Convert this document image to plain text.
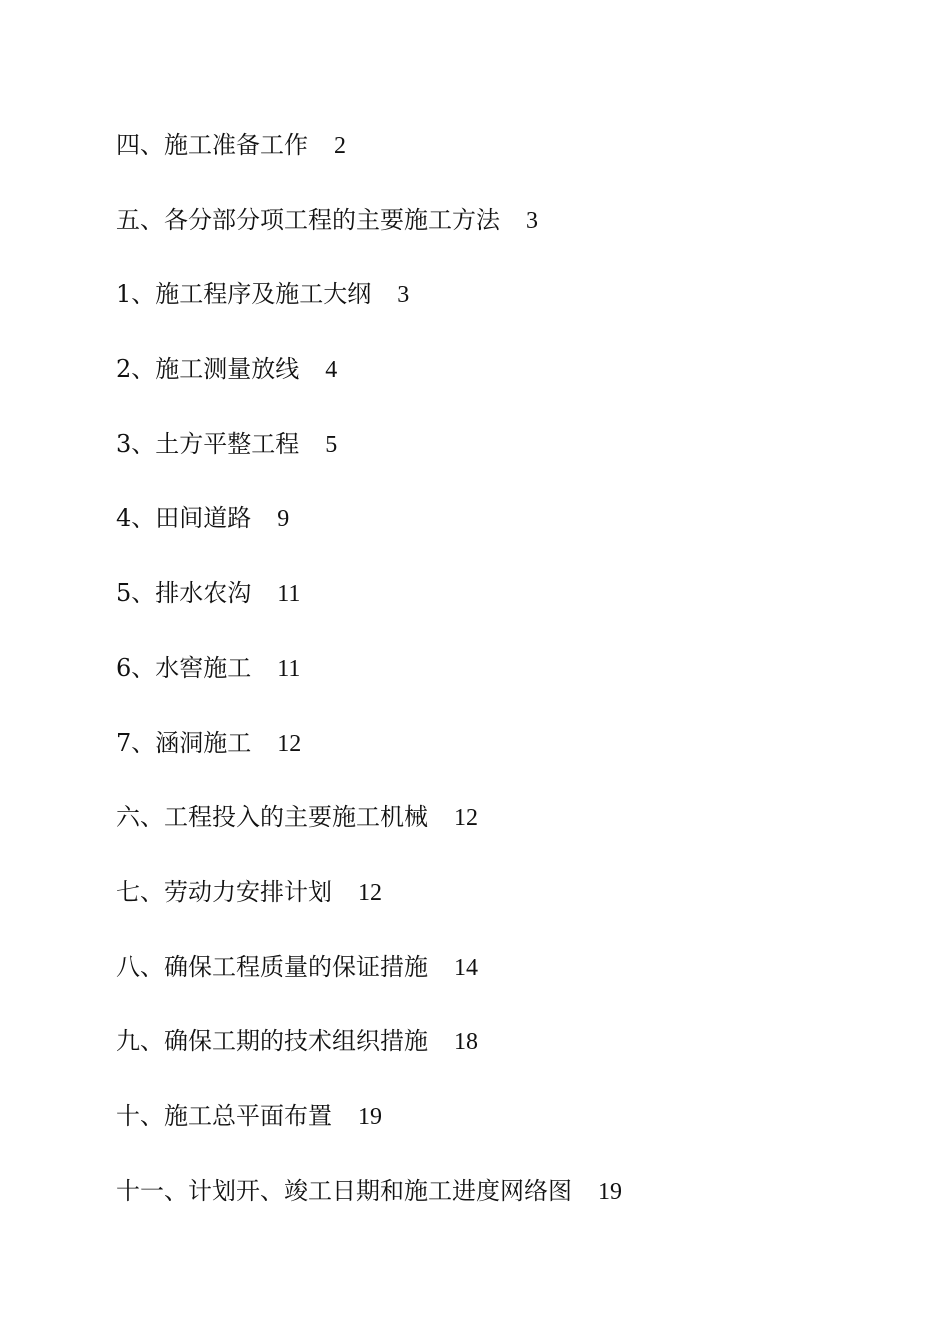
四、施工准备工作 2
五、各分部分项工程的主要施工方法 3
1、施工程序及施工大纲 3
2、施工测量放线 4
3、土方平整工程 5
4、田间道路 9
5、排水农沟 11
6、水窖施工 11
7、涵洞施工 12
六、工程投入的主要施工机械 12
七、劳动力安排计划 12
八、确保工程质量的保证措施 14
九、确保工期的技术组织措施 18
十、施工总平面布置 19
十一、计划开、竣工日期和施工进度网络图 19
